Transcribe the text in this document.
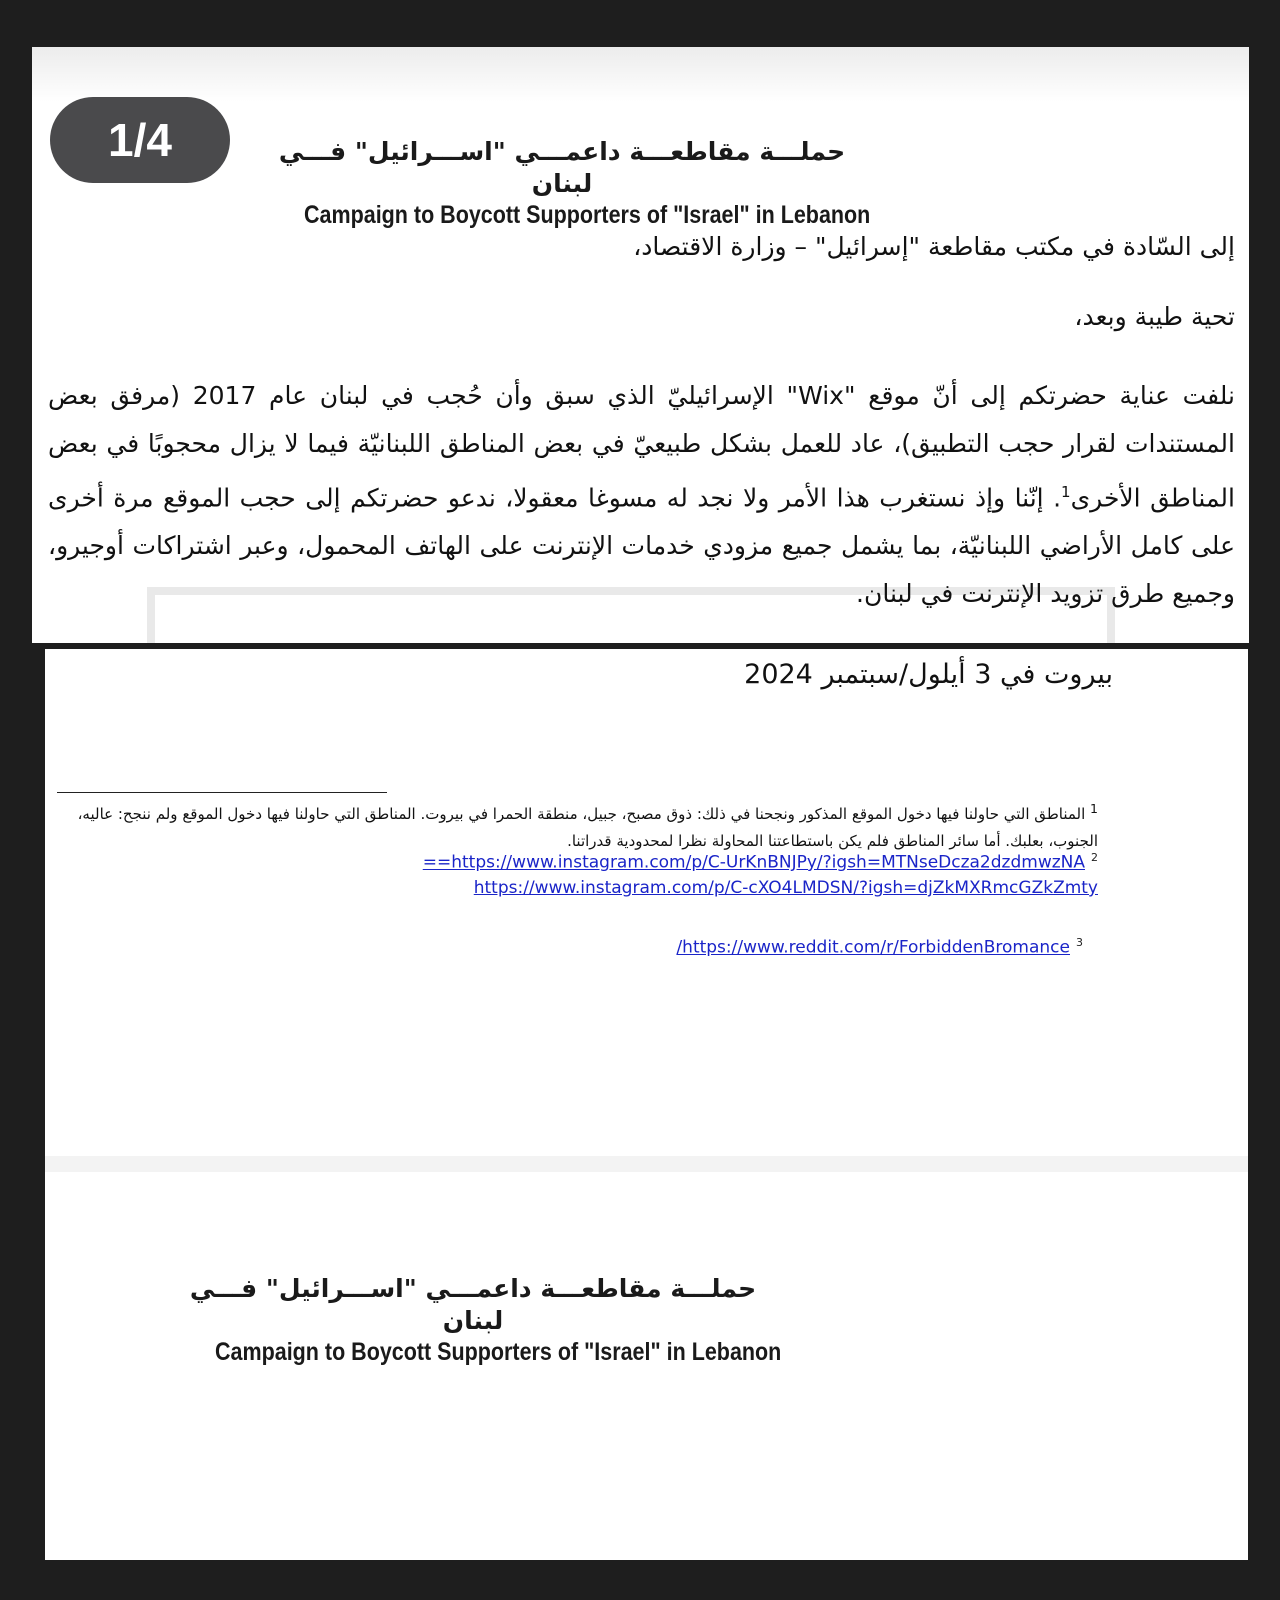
1/4	حملـــة مقاطعـــة داعمـــي "اســـرائيل" فـــي لبنان
Campaign to Boycott Supporters of "Israel" in Lebanon
إلى السّادة في مكتب مقاطعة "إسرائيل" – وزارة الاقتصاد،
تحية طيبة وبعد،
نلفت عناية حضرتكم إلى أنّ موقع "Wix" الإسرائيليّ الذي سبق وأن حُجب في لبنان عام 2017 (مرفق بعض المستندات لقرار حجب التطبيق)، عاد للعمل بشكل طبيعيّ في بعض المناطق اللبنانيّة فيما لا يزال محجوبًا في بعض المناطق الأخرى$^1$. إنّنا وإذ نستغرب هذا الأمر ولا نجد له مسوغا معقولا، ندعو حضرتكم إلى حجب الموقع مرة أخرى على كامل الأراضي اللبنانيّة، بما يشمل جميع مزودي خدمات الإنترنت على الهاتف المحمول، وعبر اشتراكات أوجيرو، وجميع طرق تزويد الإنترنت في لبنان.
بيروت في 3 أيلول/سبتمبر 2024
$^1$ المناطق التي حاولنا فيها دخول الموقع المذكور ونجحنا في ذلك: ذوق مصبح، جبيل، منطقة الحمرا في بيروت. المناطق التي حاولنا فيها دخول الموقع ولم ننجح: عاليه، الجنوب، بعلبك. أما سائر المناطق فلم يكن باستطاعتنا المحاولة نظرا لمحدودية قدراتنا.
==https://www.instagram.com/p/C-UrKnBNJPy/?igsh=MTNseDcza2dzdmwzNA $^2$
https://www.instagram.com/p/C-cXO4LMDSN/?igsh=djZkMXRmcGZkZmty
/https://www.reddit.com/r/ForbiddenBromance $^3$
حملـــة مقاطعـــة داعمـــي "اســـرائيل" فـــي لبنان
Campaign to Boycott Supporters of "Israel" in Lebanon
